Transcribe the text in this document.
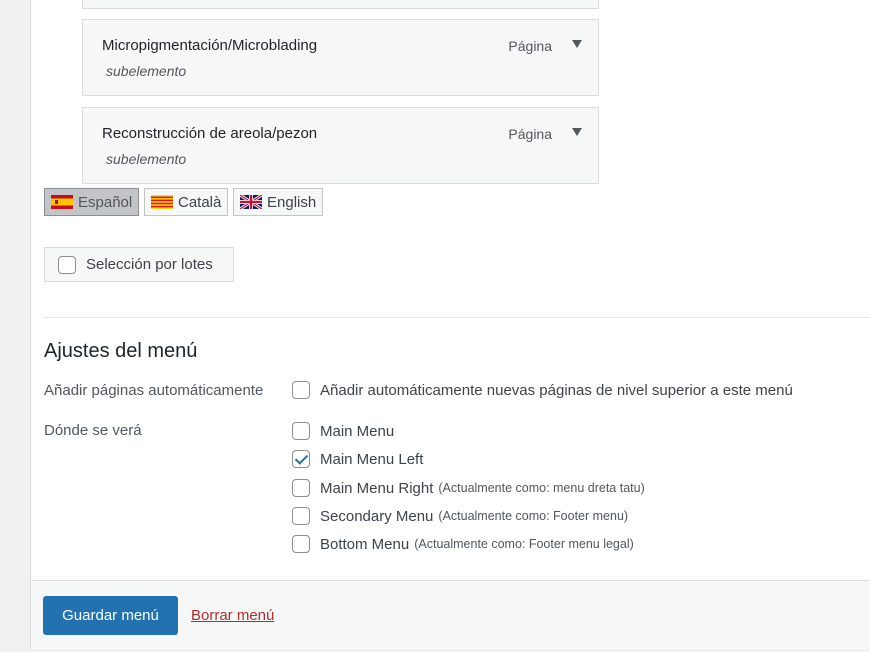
Micropigmentación/Microblading
subelemento
Página
Reconstrucción de areola/pezon
subelemento
Página
Español	Català	English
Selección por lotes
Ajustes del menú
Añadir páginas automáticamente	Añadir automáticamente nuevas páginas de nivel superior a este menú
Dónde se verá	Main Menu
Main Menu Left
Main Menu Right (Actualmente como: menu dreta tatu)
Secondary Menu (Actualmente como: Footer menu)
Bottom Menu (Actualmente como: Footer menu legal)
Guardar menú	Borrar menú
